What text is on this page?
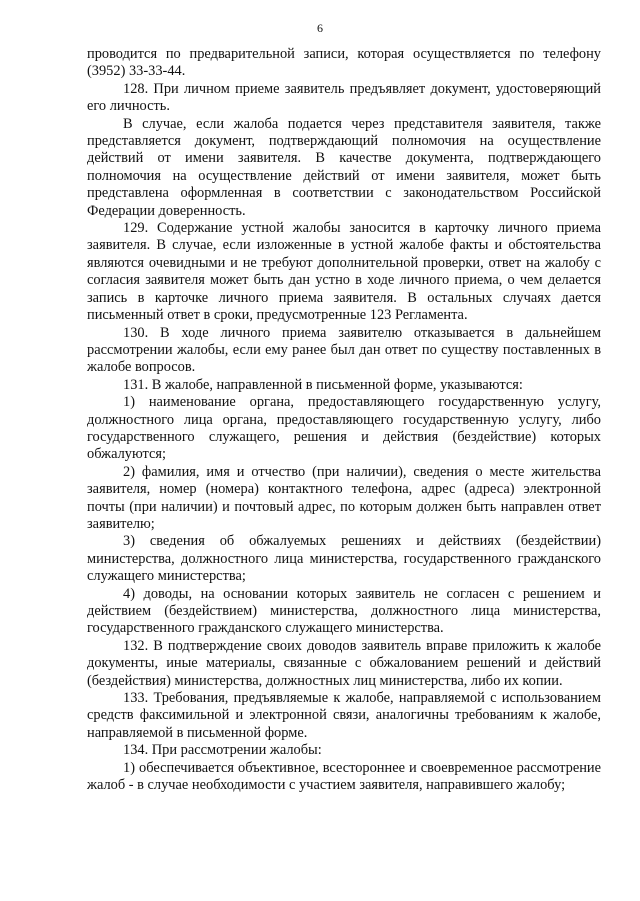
6

проводится по предварительной записи, которая осуществляется по телефону (3952) 33-33-44.

128. При личном приеме заявитель предъявляет документ, удостоверяющий его личность.

В случае, если жалоба подается через представителя заявителя, также представляется документ, подтверждающий полномочия на осуществление действий от имени заявителя. В качестве документа, подтверждающего полномочия на осуществление действий от имени заявителя, может быть представлена оформленная в соответствии с законодательством Российской Федерации доверенность.

129. Содержание устной жалобы заносится в карточку личного приема заявителя. В случае, если изложенные в устной жалобе факты и обстоятельства являются очевидными и не требуют дополнительной проверки, ответ на жалобу с согласия заявителя может быть дан устно в ходе личного приема, о чем делается запись в карточке личного приема заявителя. В остальных случаях дается письменный ответ в сроки, предусмотренные 123 Регламента.

130. В ходе личного приема заявителю отказывается в дальнейшем рассмотрении жалобы, если ему ранее был дан ответ по существу поставленных в жалобе вопросов.

131. В жалобе, направленной в письменной форме, указываются:

1) наименование органа, предоставляющего государственную услугу, должностного лица органа, предоставляющего государственную услугу, либо государственного служащего, решения и действия (бездействие) которых обжалуются;

2) фамилия, имя и отчество (при наличии), сведения о месте жительства заявителя, номер (номера) контактного телефона, адрес (адреса) электронной почты (при наличии) и почтовый адрес, по которым должен быть направлен ответ заявителю;

3) сведения об обжалуемых решениях и действиях (бездействии) министерства, должностного лица министерства, государственного гражданского служащего министерства;

4) доводы, на основании которых заявитель не согласен с решением и действием (бездействием) министерства, должностного лица министерства, государственного гражданского служащего министерства.

132. В подтверждение своих доводов заявитель вправе приложить к жалобе документы, иные материалы, связанные с обжалованием решений и действий (бездействия) министерства, должностных лиц министерства, либо их копии.

133. Требования, предъявляемые к жалобе, направляемой с использованием средств факсимильной и электронной связи, аналогичны требованиям к жалобе, направляемой в письменной форме.

134. При рассмотрении жалобы:

1) обеспечивается объективное, всестороннее и своевременное рассмотрение жалоб - в случае необходимости с участием заявителя, направившего жалобу;
